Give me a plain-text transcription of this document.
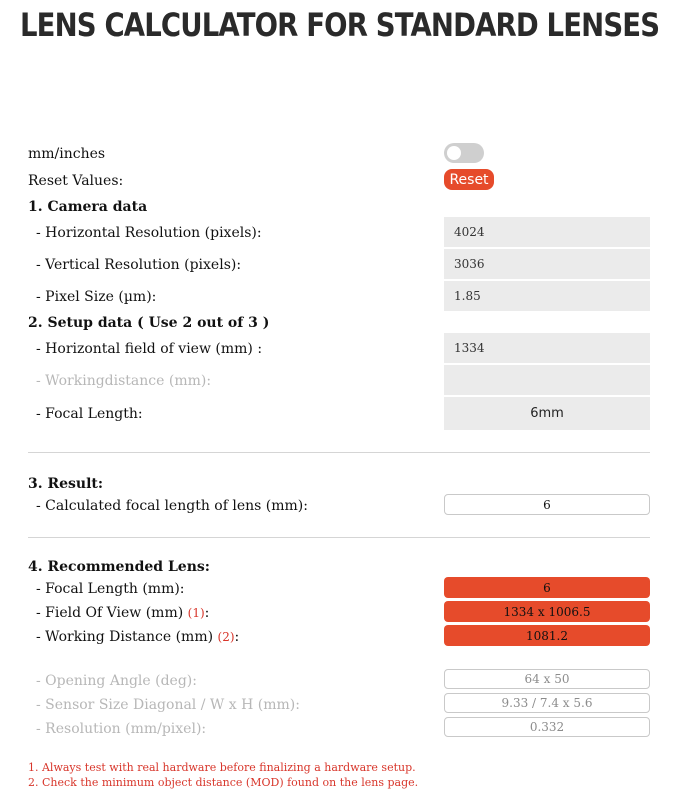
LENS CALCULATOR FOR STANDARD LENSES
mm/inches
Reset Values:	Reset
1. Camera data
- Horizontal Resolution (pixels):	4024
- Vertical Resolution (pixels):	3036
- Pixel Size (µm):	1.85
2. Setup data ( Use 2 out of 3 )
- Horizontal field of view (mm) :	1334
- Workingdistance (mm):
- Focal Length:	6mm
3. Result:
- Calculated focal length of lens (mm):	6
4. Recommended Lens:
- Focal Length (mm):	6
- Field Of View (mm) (1):	1334 x 1006.5
- Working Distance (mm) (2):	1081.2
- Opening Angle (deg):	64 x 50
- Sensor Size Diagonal / W x H (mm):	9.33 / 7.4 x 5.6
- Resolution (mm/pixel):	0.332
1. Always test with real hardware before finalizing a hardware setup.
2. Check the minimum object distance (MOD) found on the lens page.
